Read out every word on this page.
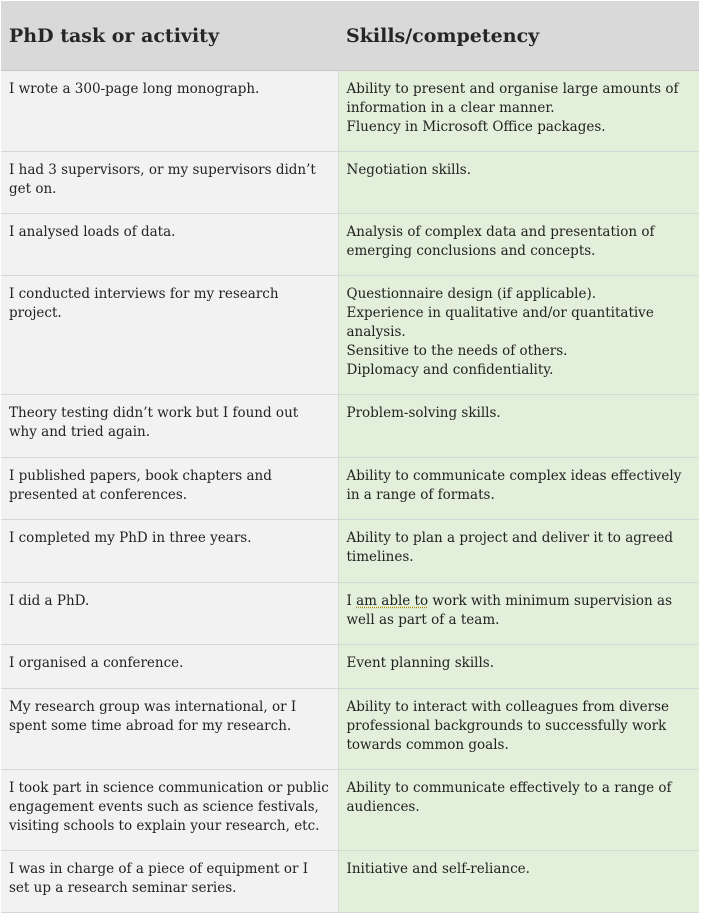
PhD task or activity	Skills/competency
I wrote a 300-page long monograph.	Ability to present and organise large amounts of information in a clear manner.
Fluency in Microsoft Office packages.

I had 3 supervisors, or my supervisors didn’t get on.	Negotiation skills.

I analysed loads of data.	Analysis of complex data and presentation of emerging conclusions and concepts.

I conducted interviews for my research project.	Questionnaire design (if applicable).
Experience in qualitative and/or quantitative analysis.
Sensitive to the needs of others.
Diplomacy and confidentiality.

Theory testing didn’t work but I found out why and tried again.	Problem-solving skills.

I published papers, book chapters and presented at conferences.	Ability to communicate complex ideas effectively in a range of formats.

I completed my PhD in three years.	Ability to plan a project and deliver it to agreed timelines.

I did a PhD.	I am able to work with minimum supervision as well as part of a team.
I organised a conference.	Event planning skills.

My research group was international, or I spent some time abroad for my research.	Ability to interact with colleagues from diverse professional backgrounds to successfully work towards common goals.

I took part in science communication or public engagement events such as science festivals, visiting schools to explain your research, etc.	Ability to communicate effectively to a range of audiences.

I was in charge of a piece of equipment or I set up a research seminar series.	Initiative and self-reliance.
